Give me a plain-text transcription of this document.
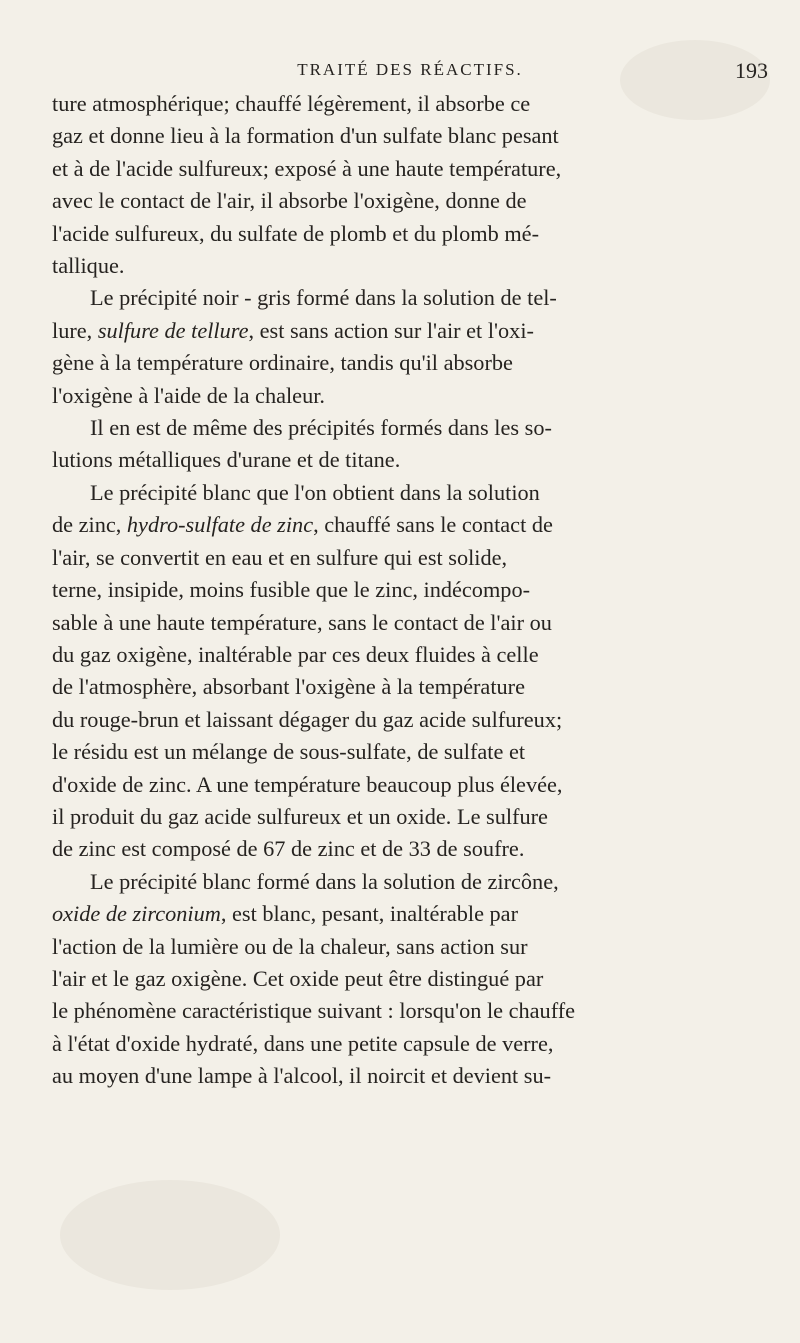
TRAITÉ DES RÉACTIFS.	193

ture atmosphérique; chauffé légèrement, il absorbe ce
gaz et donne lieu à la formation d'un sulfate blanc pesant
et à de l'acide sulfureux; exposé à une haute température,
avec le contact de l'air, il absorbe l'oxigène, donne de
l'acide sulfureux, du sulfate de plomb et du plomb mé-
tallique.

Le précipité noir - gris formé dans la solution de tel-
lure, sulfure de tellure, est sans action sur l'air et l'oxi-
gène à la température ordinaire, tandis qu'il absorbe
l'oxigène à l'aide de la chaleur.

Il en est de même des précipités formés dans les so-
lutions métalliques d'urane et de titane.

Le précipité blanc que l'on obtient dans la solution
de zinc, hydro-sulfate de zinc, chauffé sans le contact de
l'air, se convertit en eau et en sulfure qui est solide,
terne, insipide, moins fusible que le zinc, indécompo-
sable à une haute température, sans le contact de l'air ou
du gaz oxigène, inaltérable par ces deux fluides à celle
de l'atmosphère, absorbant l'oxigène à la température
du rouge-brun et laissant dégager du gaz acide sulfureux;
le résidu est un mélange de sous-sulfate, de sulfate et
d'oxide de zinc. A une température beaucoup plus élevée,
il produit du gaz acide sulfureux et un oxide. Le sulfure
de zinc est composé de 67 de zinc et de 33 de soufre.

Le précipité blanc formé dans la solution de zircône,
oxide de zirconium, est blanc, pesant, inaltérable par
l'action de la lumière ou de la chaleur, sans action sur
l'air et le gaz oxigène. Cet oxide peut être distingué par
le phénomène caractéristique suivant : lorsqu'on le chauffe
à l'état d'oxide hydraté, dans une petite capsule de verre,
au moyen d'une lampe à l'alcool, il noircit et devient su-
